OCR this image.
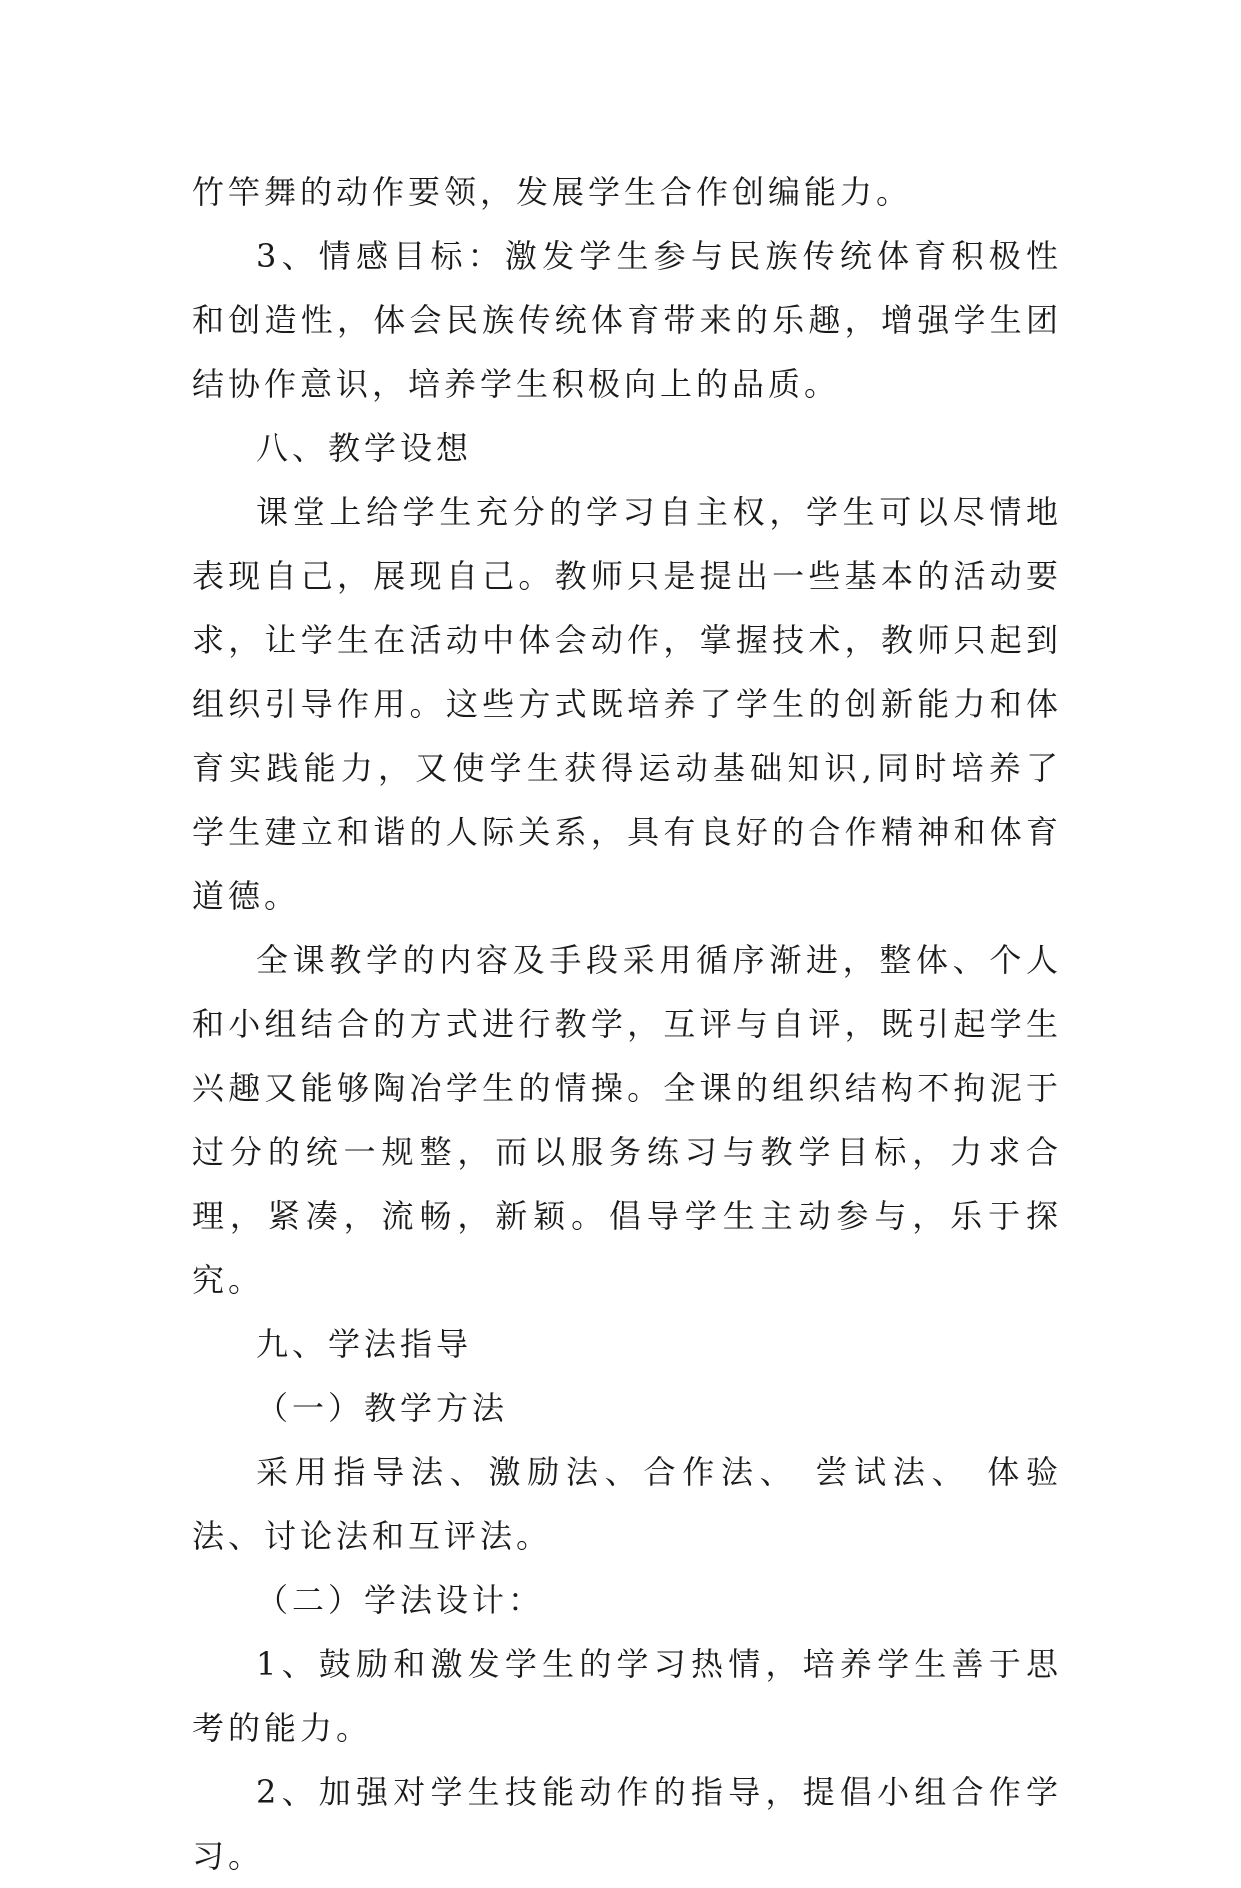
竹竿舞的动作要领，发展学生合作创编能力。

3、情感目标：激发学生参与民族传统体育积极性和创造性，体会民族传统体育带来的乐趣，增强学生团结协作意识，培养学生积极向上的品质。

八、教学设想

课堂上给学生充分的学习自主权，学生可以尽情地表现自己，展现自己。教师只是提出一些基本的活动要求，让学生在活动中体会动作，掌握技术，教师只起到组织引导作用。这些方式既培养了学生的创新能力和体育实践能力，又使学生获得运动基础知识,同时培养了学生建立和谐的人际关系，具有良好的合作精神和体育道德。

全课教学的内容及手段采用循序渐进，整体、个人和小组结合的方式进行教学，互评与自评，既引起学生兴趣又能够陶冶学生的情操。全课的组织结构不拘泥于过分的统一规整，而以服务练习与教学目标，力求合理，紧凑，流畅，新颖。倡导学生主动参与，乐于探究。

九、学法指导

（一）教学方法

采用指导法、激励法、合作法、 尝试法、 体验法、讨论法和互评法。

（二）学法设计：

1、鼓励和激发学生的学习热情，培养学生善于思考的能力。

2、加强对学生技能动作的指导，提倡小组合作学习。
